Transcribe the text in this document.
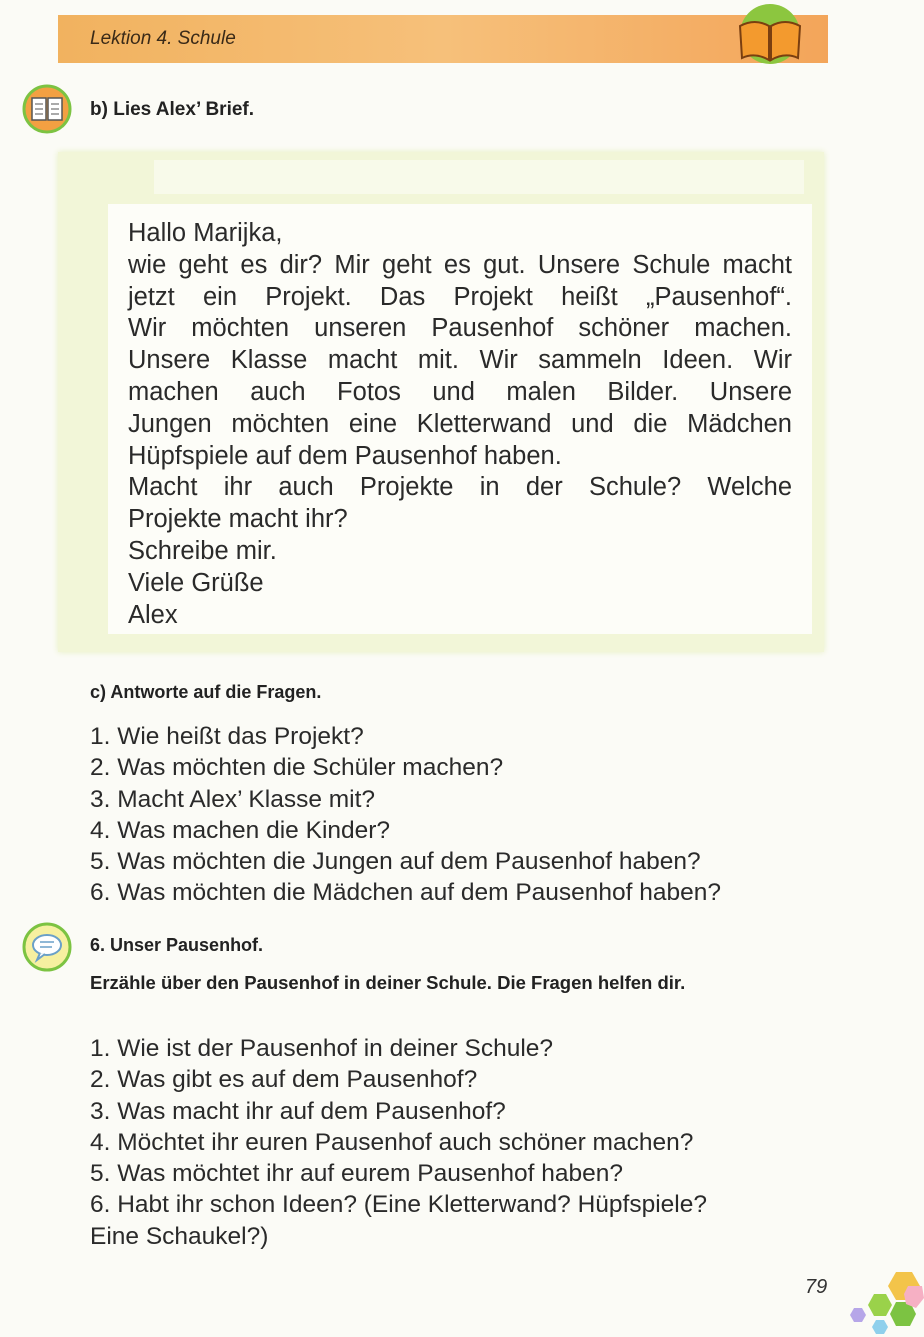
Lektion 4. Schule
b) Lies Alex’ Brief.
Hallo Marijka,
wie geht es dir? Mir geht es gut. Unsere Schule macht
jetzt ein Projekt. Das Projekt heißt „Pausenhof“.
Wir möchten unseren Pausenhof schöner machen.
Unsere Klasse macht mit. Wir sammeln Ideen. Wir
machen auch Fotos und malen Bilder. Unsere
Jungen möchten eine Kletterwand und die Mädchen
Hüpfspiele auf dem Pausenhof haben.
Macht ihr auch Projekte in der Schule? Welche
Projekte macht ihr?
Schreibe mir.
Viele Grüße
Alex
c) Antworte auf die Fragen.
1. Wie heißt das Projekt?
2. Was möchten die Schüler machen?
3. Macht Alex’ Klasse mit?
4. Was machen die Kinder?
5. Was möchten die Jungen auf dem Pausenhof haben?
6. Was möchten die Mädchen auf dem Pausenhof haben?
6. Unser Pausenhof.
Erzähle über den Pausenhof in deiner Schule. Die Fragen helfen dir.
1. Wie ist der Pausenhof in deiner Schule?
2. Was gibt es auf dem Pausenhof?
3. Was macht ihr auf dem Pausenhof?
4. Möchtet ihr euren Pausenhof auch schöner machen?
5. Was möchtet ihr auf eurem Pausenhof haben?
6. Habt ihr schon Ideen? (Eine Kletterwand? Hüpfspiele?
Eine Schaukel?)
79
